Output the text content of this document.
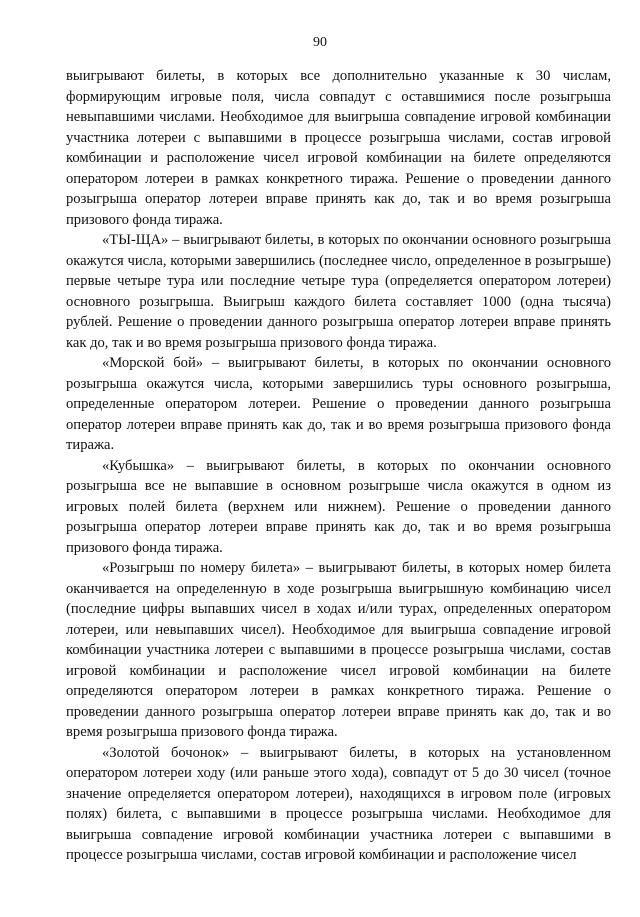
90

выигрывают билеты, в которых все дополнительно указанные к 30 числам, формирующим игровые поля, числа совпадут с оставшимися после розыгрыша невыпавшими числами. Необходимое для выигрыша совпадение игровой комбинации участника лотереи с выпавшими в процессе розыгрыша числами, состав игровой комбинации и расположение чисел игровой комбинации на билете определяются оператором лотереи в рамках конкретного тиража. Решение о проведении данного розыгрыша оператор лотереи вправе принять как до, так и во время розыгрыша призового фонда тиража.

«ТЫ-ЩА» – выигрывают билеты, в которых по окончании основного розыгрыша окажутся числа, которыми завершились (последнее число, определенное в розыгрыше) первые четыре тура или последние четыре тура (определяется оператором лотереи) основного розыгрыша. Выигрыш каждого билета составляет 1000 (одна тысяча) рублей. Решение о проведении данного розыгрыша оператор лотереи вправе принять как до, так и во время розыгрыша призового фонда тиража.

«Морской бой» – выигрывают билеты, в которых по окончании основного розыгрыша окажутся числа, которыми завершились туры основного розыгрыша, определенные оператором лотереи. Решение о проведении данного розыгрыша оператор лотереи вправе принять как до, так и во время розыгрыша призового фонда тиража.

«Кубышка» – выигрывают билеты, в которых по окончании основного розыгрыша все не выпавшие в основном розыгрыше числа окажутся в одном из игровых полей билета (верхнем или нижнем). Решение о проведении данного розыгрыша оператор лотереи вправе принять как до, так и во время розыгрыша призового фонда тиража.

«Розыгрыш по номеру билета» – выигрывают билеты, в которых номер билета оканчивается на определенную в ходе розыгрыша выигрышную комбинацию чисел (последние цифры выпавших чисел в ходах и/или турах, определенных оператором лотереи, или невыпавших чисел). Необходимое для выигрыша совпадение игровой комбинации участника лотереи с выпавшими в процессе розыгрыша числами, состав игровой комбинации и расположение чисел игровой комбинации на билете определяются оператором лотереи в рамках конкретного тиража. Решение о проведении данного розыгрыша оператор лотереи вправе принять как до, так и во время розыгрыша призового фонда тиража.

«Золотой бочонок» – выигрывают билеты, в которых на установленном оператором лотереи ходу (или раньше этого хода), совпадут от 5 до 30 чисел (точное значение определяется оператором лотереи), находящихся в игровом поле (игровых полях) билета, с выпавшими в процессе розыгрыша числами. Необходимое для выигрыша совпадение игровой комбинации участника лотереи с выпавшими в процессе розыгрыша числами, состав игровой комбинации и расположение чисел
